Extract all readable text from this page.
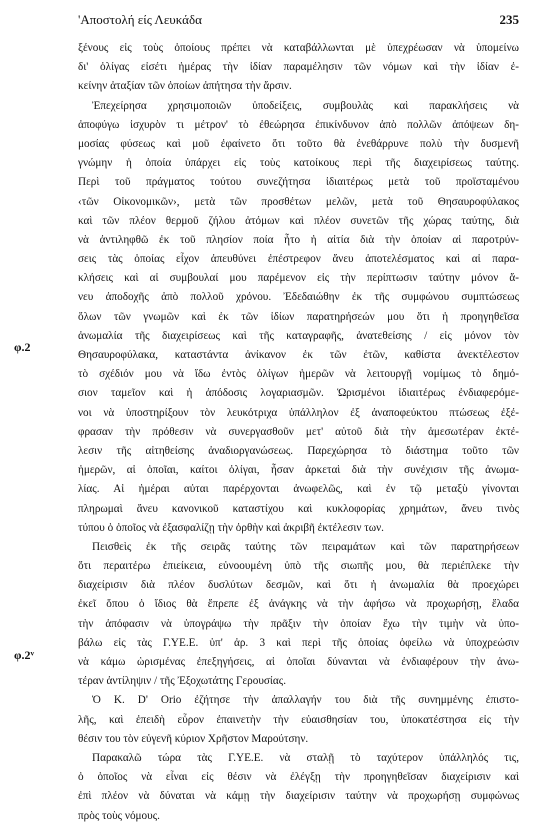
'Αποστολή είς Λευκάδα	235
φ.2
φ.2ᵛ
ξένους εἰς τοὺς ὁποίους πρέπει νὰ καταβάλλωνται μὲ ὑπεχρέωσαν νὰ ὑπομείνω
δι' ὀλίγας εἰσέτι ἡμέρας τὴν ἰδίαν παραμέλησιν τῶν νόμων καὶ τὴν ἰδίαν ἐ-
κείνην ἀταξίαν τῶν ὁποίων ἀπήτησα τὴν ἄρσιν.
Ἐπεχείρησα χρησιμοποιῶν ὑποδείξεις, συμβουλὰς καὶ παρακλήσεις νὰ
ἀποφύγω ἰσχυρὸν τι μέτρον' τὸ ἐθεώρησα ἐπικίνδυνον ἀπὸ πολλῶν ἀπόψεων δη-
μοσίας φύσεως καὶ μοῦ ἐφαίνετο ὅτι τοῦτο θὰ ἐνεθάρρυνε πολὺ τὴν δυσμενῆ
γνώμην ἡ ὁποία ὑπάρχει εἰς τοὺς κατοίκους περὶ τῆς διαχειρίσεως ταύτης.
Περὶ τοῦ πράγματος τούτου συνεζήτησα ἰδιαιτέρως μετὰ τοῦ προϊσταμένου
‹τῶν Οἰκονομικῶν›, μετὰ τῶν προσθέτων μελῶν, μετὰ τοῦ Θησαυροφύλακος
καὶ τῶν πλέον θερμοῦ ζήλου ἀτόμων καὶ πλέον συνετῶν τῆς χώρας ταύτης, διὰ
νὰ ἀντιληφθῶ ἐκ τοῦ πλησίον ποία ἦτο ἡ αἰτία διὰ τὴν ὁποίαν αἱ παροτρύν-
σεις τὰς ὁποίας εἶχον ἀπευθύνει ἐπέστρεφον ἄνευ ἀποτελέσματος καὶ αἱ παρα-
κλήσεις καὶ αἱ συμβουλαί μου παρέμενον εἰς τὴν περίπτωσιν ταύτην μόνον ἄ-
νευ ἀποδοχῆς ἀπὸ πολλοῦ χρόνου. Ἐδεδαιώθην ἐκ τῆς συμφώνου συμπτώσεως
ὅλων τῶν γνωμῶν καὶ ἐκ τῶν ἰδίων παρατηρήσεών μου ὅτι ἡ προηγηθεῖσα
ἀνωμαλία τῆς διαχειρίσεως καὶ τῆς καταγραφῆς, ἀνατεθείσης / εἰς μόνον τὸν
Θησαυροφύλακα, καταστάντα ἀνίκανον ἐκ τῶν ἐτῶν, καθίστα ἀνεκτέλεστον
τὸ σχέδιόν μου νὰ ἴδω ἐντὸς ὀλίγων ἡμερῶν νὰ λειτουργῇ νομίμως τὸ δημό-
σιον ταμεῖον καὶ ἡ ἀπόδοσις λογαριασμῶν. Ὡρισμένοι ἰδιαιτέρως ἐνδιαφερόμε-
νοι νὰ ὑποστηρίξουν τὸν λευκότριχα ὑπάλληλον ἐξ ἀναποφεύκτου πτώσεως ἐξέ-
φρασαν τὴν πρόθεσιν νὰ συνεργασθοῦν μετ' αὐτοῦ διὰ τὴν ἀμεσωτέραν ἐκτέ-
λεσιν τῆς αἰτηθείσης ἀναδιοργανώσεως. Παρεχώρησα τὸ διάστημα τοῦτο τῶν
ἡμερῶν, αἱ ὁποῖαι, καίτοι ὀλίγαι, ἦσαν ἀρκεταὶ διὰ τὴν συνέχισιν τῆς ἀνωμα-
λίας. Αἱ ἡμέραι αὐται παρέρχονται ἀνωφελῶς, καὶ ἐν τῷ μεταξὺ γίνονται
πληρωμαὶ ἄνευ κανονικοῦ καταστίχου καὶ κυκλοφορίας χρημάτων, ἄνευ τινὸς
τύπου ὁ ὁποῖος νὰ ἐξασφαλίζῃ τὴν ὀρθὴν καὶ ἀκριβῆ ἐκτέλεσιν των.
Πεισθεὶς ἐκ τῆς σειρᾶς ταύτης τῶν πειραμάτων καὶ τῶν παρατηρήσεων
ὅτι περαιτέρω ἐπιείκεια, εὐνοουμένη ὑπὸ τῆς σιωπῆς μου, θὰ περιέπλεκε τὴν
διαχείρισιν διὰ πλέον δυσλύτων δεσμῶν, καὶ ὅτι ἡ ἀνωμαλία θὰ προεχώρει
ἐκεῖ ὅπου ὁ ἴδιος θὰ ἔπρεπε ἐξ ἀνάγκης νὰ τὴν ἀφήσω νὰ προχωρήσῃ, ἔλαδα
τὴν ἀπόφασιν νὰ ὑπογράψω τὴν πρᾶξιν τὴν ὁποίαν ἔχω τὴν τιμὴν νὰ ὑπο-
βάλω εἰς τὰς Γ.ΥΕ.Ε. ὑπ' ἀρ. 3 καὶ περὶ τῆς ὁποίας ὀφείλω νὰ ὑποχρεώσιν
νὰ κάμω ὡρισμένας ἐπεξηγήσεις, αἱ ὁποῖαι δύνανται νὰ ἐνδιαφέρουν τὴν ἀνω-
τέραν ἀντίληψιν / τῆς Ἐξοχωτάτης Γερουσίας.
Ὁ Κ. D' Orio ἐζήτησε τὴν ἀπαλλαγήν του διὰ τῆς συνημμένης ἐπιστο-
λῆς, καὶ ἐπειδὴ εὗρον ἐπαινετὴν τὴν εὐαισθησίαν του, ὑποκατέστησα εἰς τὴν
θέσιν του τὸν εὐγενῆ κύριον Χρῆστον Μαρούτσην.
Παρακαλῶ τώρα τὰς Γ.ΥΕ.Ε. νὰ σταλῇ τὸ ταχύτερον ὑπάλληλός τις,
ὁ ὁποῖος νὰ εἶναι εἰς θέσιν νὰ ἐλέγξῃ τὴν προηγηθεῖσαν διαχείρισιν καὶ
ἐπὶ πλέον νὰ δύναται νὰ κάμῃ τὴν διαχείρισιν ταύτην νὰ προχωρήσῃ συμφώνως
πρὸς τοὺς νόμους.
